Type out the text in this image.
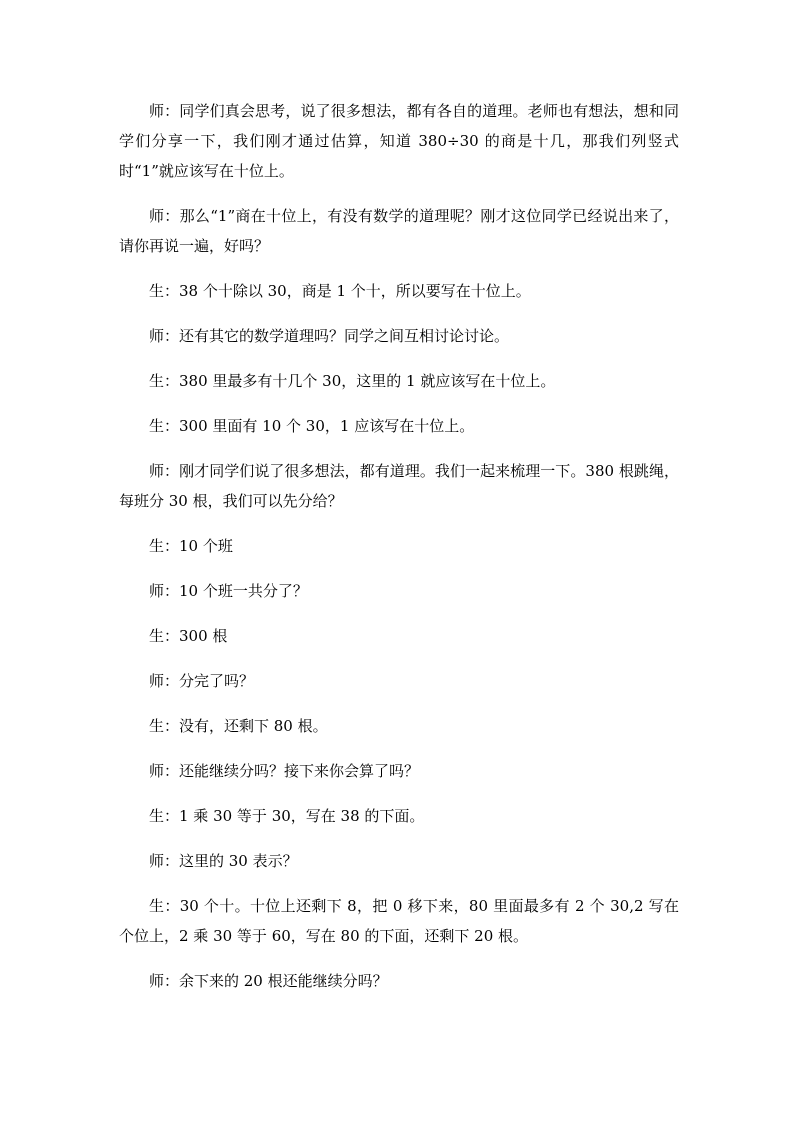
师：同学们真会思考，说了很多想法，都有各自的道理。老师也有想法，想和同学们分享一下，我们刚才通过估算，知道 380÷30 的商是十几，那我们列竖式时“1”就应该写在十位上。

师：那么“1”商在十位上，有没有数学的道理呢？刚才这位同学已经说出来了，请你再说一遍，好吗？

生：38 个十除以 30，商是 1 个十，所以要写在十位上。

师：还有其它的数学道理吗？同学之间互相讨论讨论。

生：380 里最多有十几个 30，这里的 1 就应该写在十位上。

生：300 里面有 10 个 30，1 应该写在十位上。

师：刚才同学们说了很多想法，都有道理。我们一起来梳理一下。380 根跳绳，每班分 30 根，我们可以先分给？

生：10 个班

师：10 个班一共分了？

生：300 根

师：分完了吗？

生：没有，还剩下 80 根。

师：还能继续分吗？接下来你会算了吗？

生：1 乘 30 等于 30，写在 38 的下面。

师：这里的 30 表示？

生：30 个十。十位上还剩下 8，把 0 移下来，80 里面最多有 2 个 30,2 写在个位上，2 乘 30 等于 60，写在 80 的下面，还剩下 20 根。

师：余下来的 20 根还能继续分吗？
